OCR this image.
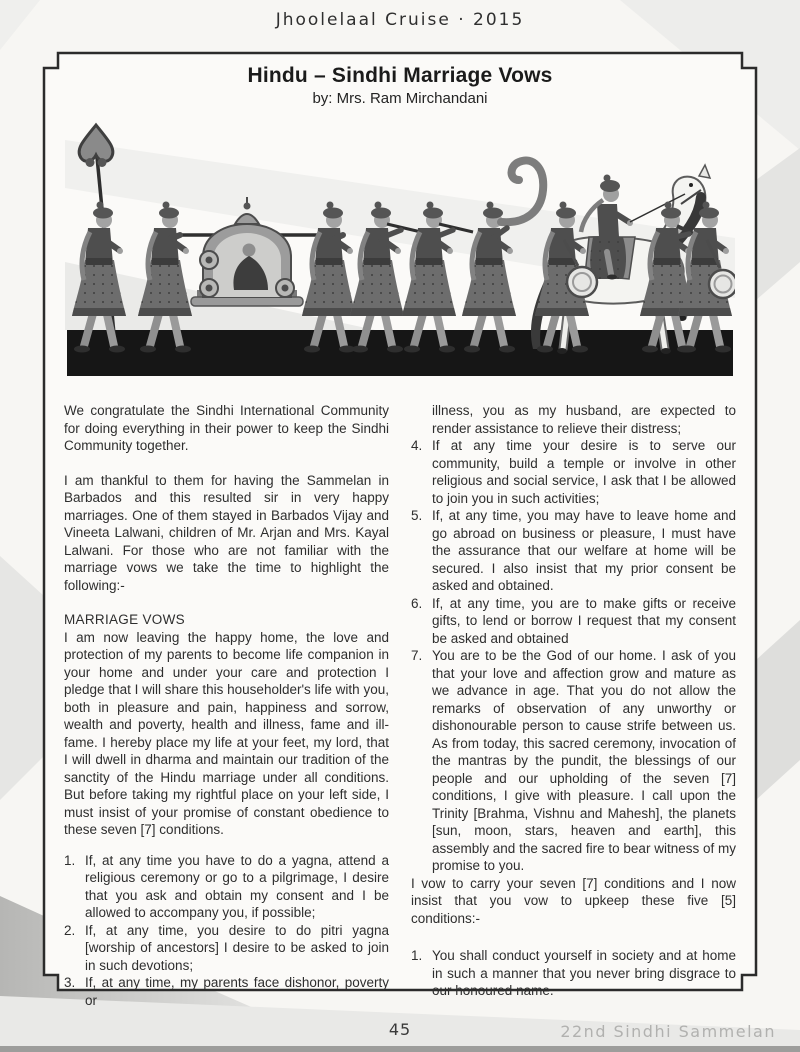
Jhoolelaal Cruise · 2015
Hindu – Sindhi Marriage Vows
by: Mrs. Ram Mirchandani

We congratulate the Sindhi International Community for doing everything in their power to keep the Sindhi Community together.

I am thankful to them for having the Sammelan in Barbados and this resulted sir in very happy marriages. One of them stayed in Barbados Vijay and Vineeta Lalwani, children of Mr. Arjan and Mrs. Kayal Lalwani. For those who are not familiar with the marriage vows we take the time to highlight the following:-

MARRIAGE VOWS

I am now leaving the happy home, the love and protection of my parents to become life companion in your home and under your care and protection I pledge that I will share this householder's life with you, both in pleasure and pain, happiness and sorrow, wealth and poverty, health and illness, fame and ill-fame. I hereby place my life at your feet, my lord, that I will dwell in dharma and maintain our tradition of the sanctity of the Hindu marriage under all conditions. But before taking my rightful place on your left side, I must insist of your promise of constant obedience to these seven [7] conditions.

1. If, at any time you have to do a yagna, attend a religious ceremony or go to a pilgrimage, I desire that you ask and obtain my consent and I be allowed to accompany you, if possible;
2. If, at any time, you desire to do pitri yagna [worship of ancestors] I desire to be asked to join in such devotions;
3. If, at any time, my parents face dishonor, poverty or

illness, you as my husband, are expected to render assistance to relieve their distress;

4. If at any time your desire is to serve our community, build a temple or involve in other religious and social service, I ask that I be allowed to join you in such activities;
5. If, at any time, you may have to leave home and go abroad on business or pleasure, I must have the assurance that our welfare at home will be secured. I also insist that my prior consent be asked and obtained.
6. If, at any time, you are to make gifts or receive gifts, to lend or borrow I request that my consent be asked and obtained
7. You are to be the God of our home. I ask of you that your love and affection grow and mature as we advance in age. That you do not allow the remarks of observation of any unworthy or dishonourable person to cause strife between us. As from today, this sacred ceremony, invocation of the mantras by the pundit, the blessings of our people and our upholding of the seven [7] conditions, I give with pleasure. I call upon the Trinity [Brahma, Vishnu and Mahesh], the planets [sun, moon, stars, heaven and earth], this assembly and the sacred fire to bear witness of my promise to you.

I vow to carry your seven [7] conditions and I now insist that you vow to upkeep these five [5] conditions:-

1. You shall conduct yourself in society and at home in such a manner that you never bring disgrace to our honoured name.
45	22nd Sindhi Sammelan
